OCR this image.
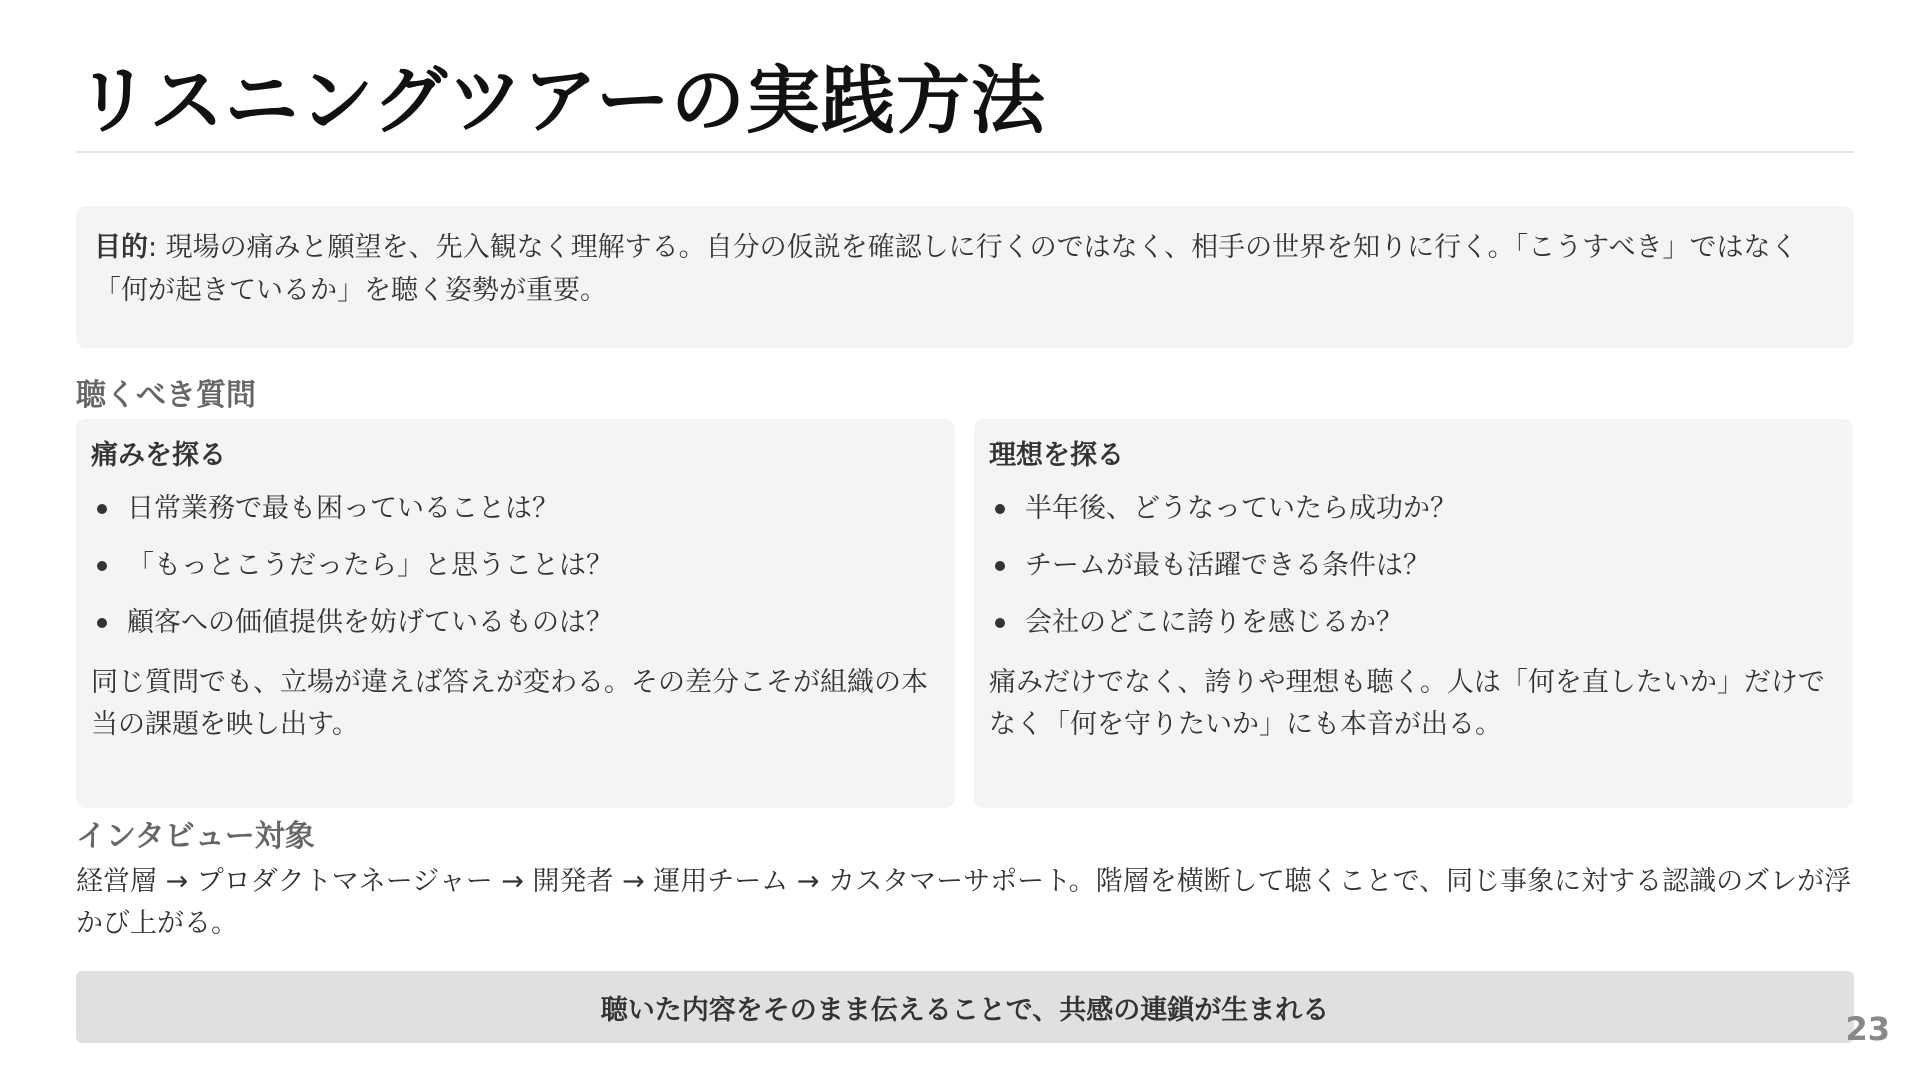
リスニングツアーの実践方法
目的: 現場の痛みと願望を、先入観なく理解する。自分の仮説を確認しに行くのではなく、相手の世界を知りに行く。「こうすべき」ではなく「何が起きているか」を聴く姿勢が重要。
聴くべき質問
痛みを探る
日常業務で最も困っていることは？
「もっとこうだったら」と思うことは？
顧客への価値提供を妨げているものは？

同じ質問でも、立場が違えば答えが変わる。その差分こそが組織の本当の課題を映し出す。

理想を探る
半年後、どうなっていたら成功か？
チームが最も活躍できる条件は？
会社のどこに誇りを感じるか？

痛みだけでなく、誇りや理想も聴く。人は「何を直したいか」だけでなく「何を守りたいか」にも本音が出る。

インタビュー対象

経営層 → プロダクトマネージャー → 開発者 → 運用チーム → カスタマーサポート。階層を横断して聴くことで、同じ事象に対する認識のズレが浮かび上がる。

聴いた内容をそのまま伝えることで、共感の連鎖が生まれる	23
